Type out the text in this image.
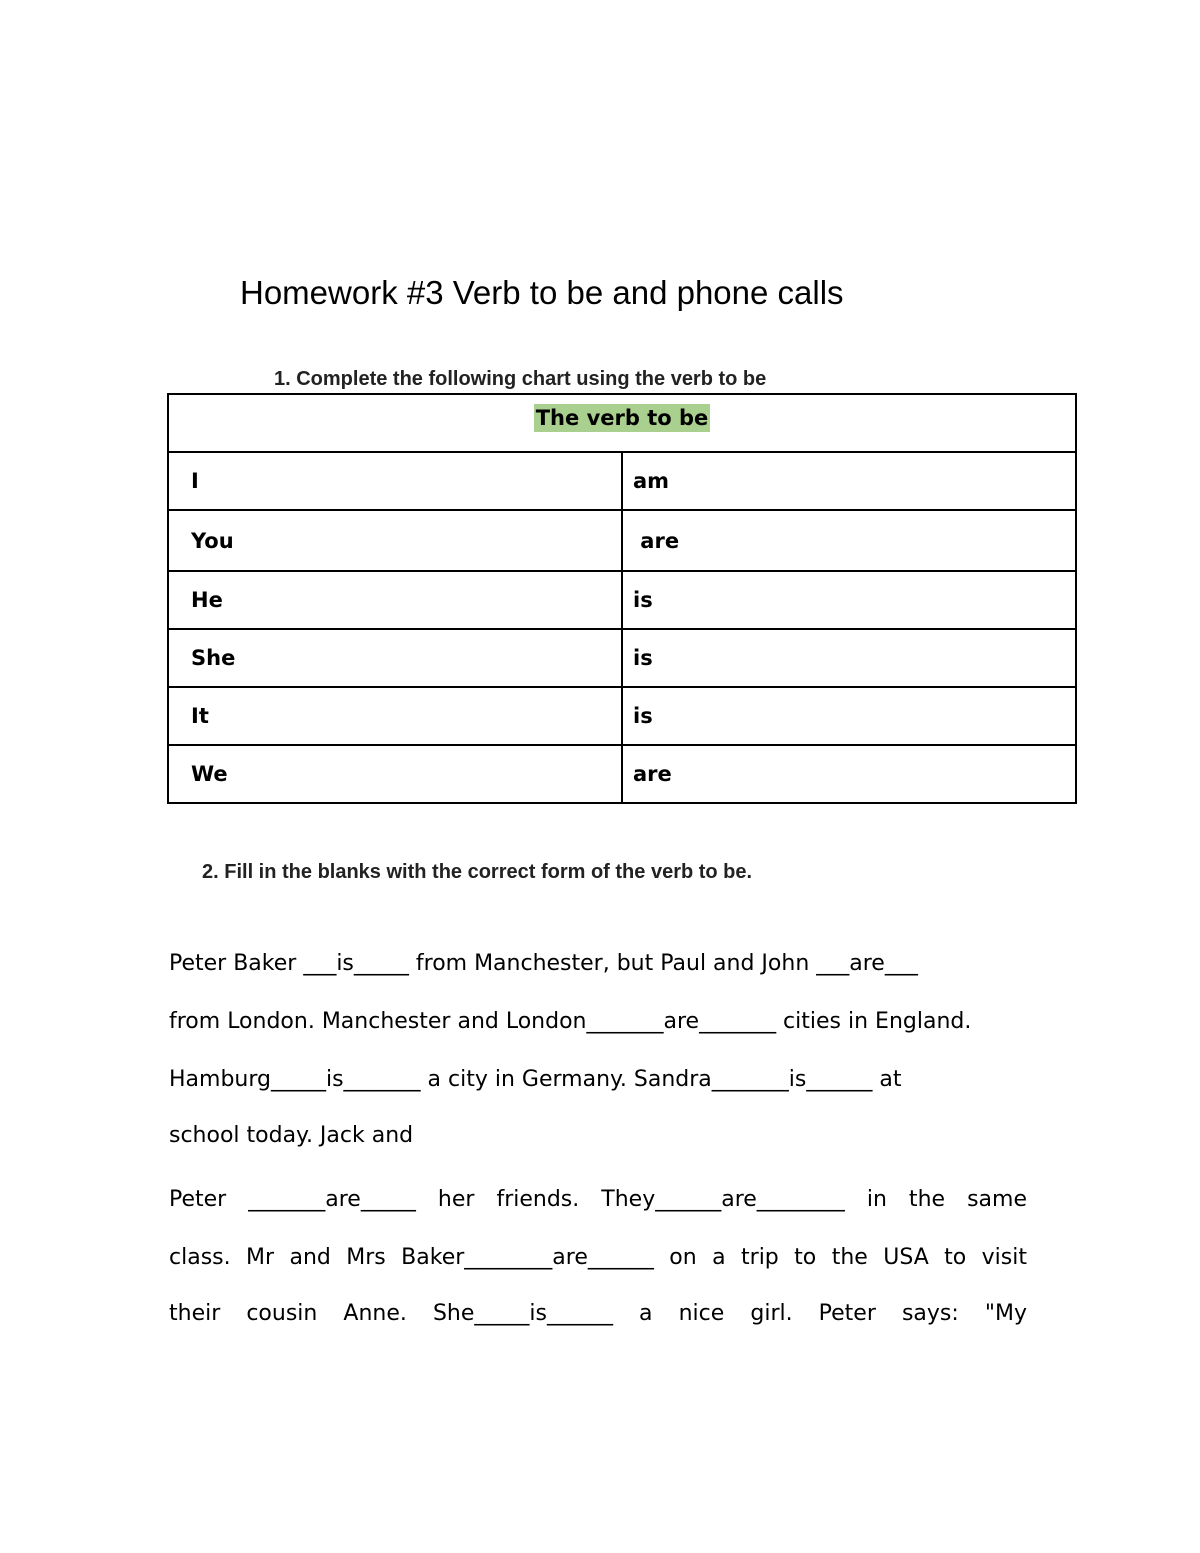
Homework #3 Verb to be and phone calls
1. Complete the following chart using the verb to be
The verb to be	
I	am
You	are
He	is
She	is
It	is
We	are
2. Fill in the blanks with the correct form of the verb to be.
Peter Baker ___is_____ from Manchester, but Paul and John ___are___
from London. Manchester and London_______are_______ cities in England.
Hamburg_____is_______ a city in Germany. Sandra_______is______ at
school today. Jack and
Peter _______are_____ her friends. They______are________ in the same
class. Mr and Mrs Baker________are______ on a trip to the USA to visit
their cousin Anne. She_____is______ a nice girl. Peter says: "My
